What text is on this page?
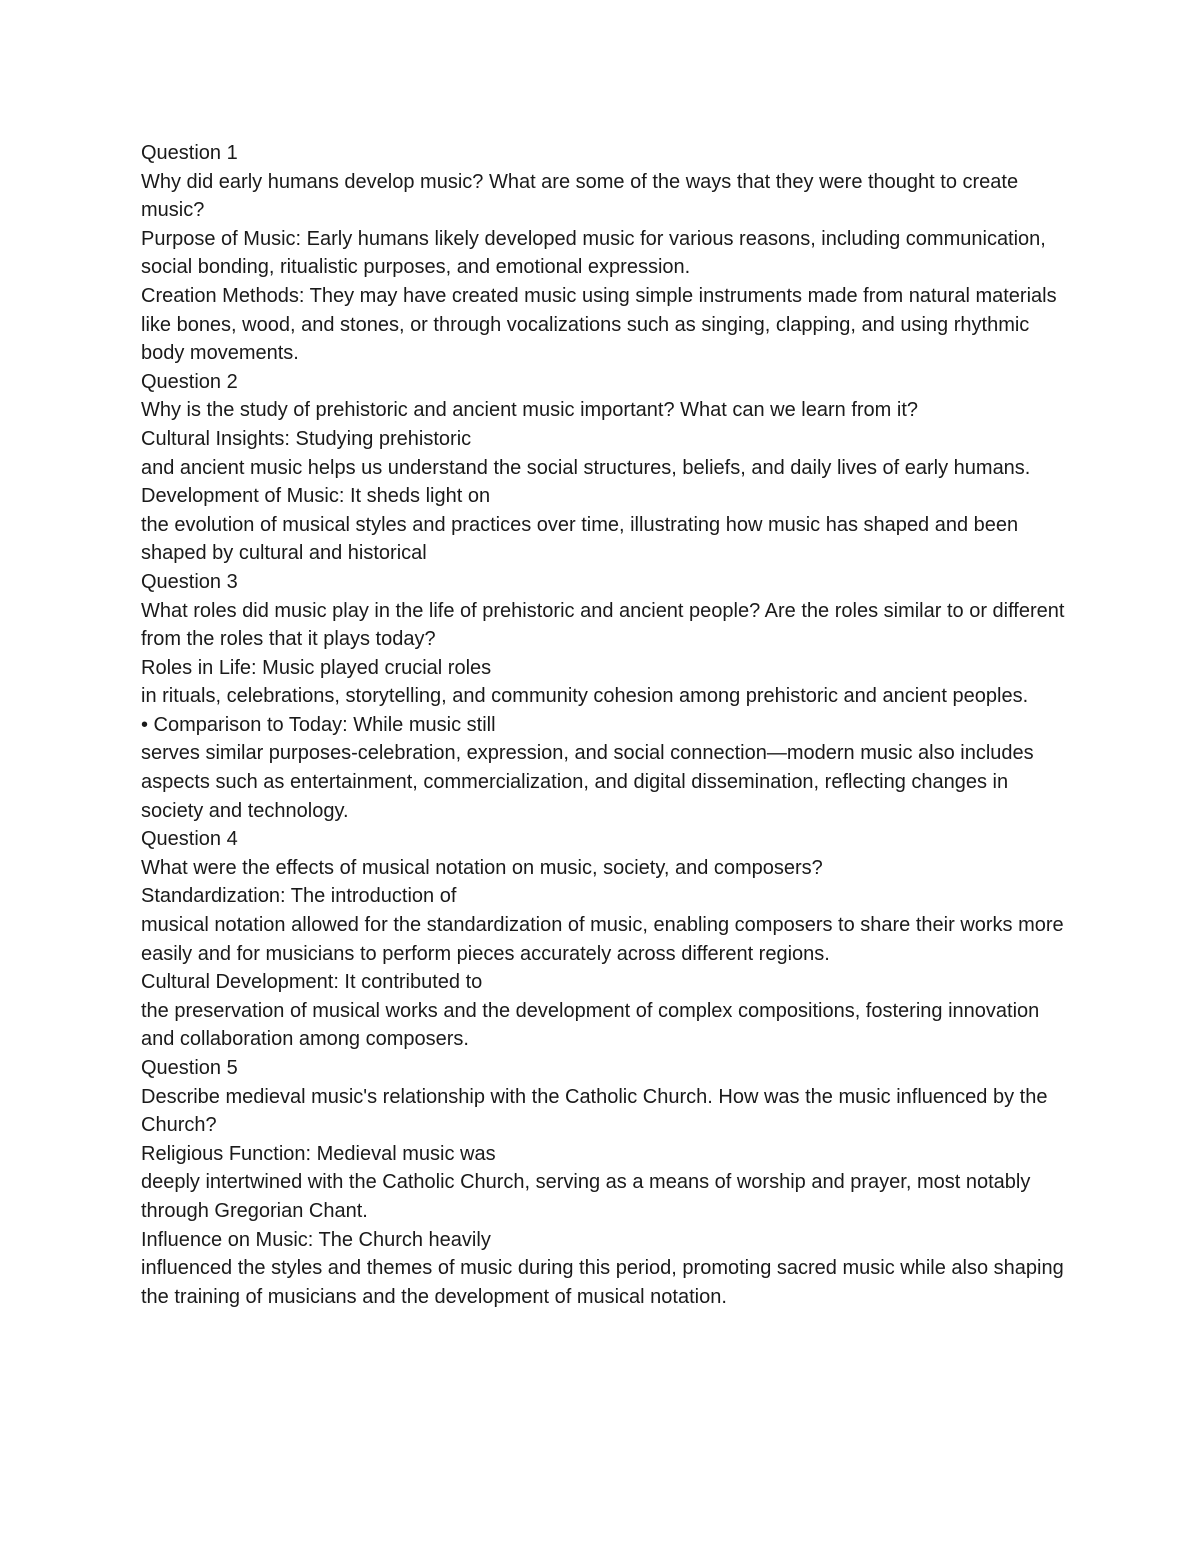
Question 1

Why did early humans develop music? What are some of the ways that they were thought to create music?

Purpose of Music: Early humans likely developed music for various reasons, including communication, social bonding, ritualistic purposes, and emotional expression.

Creation Methods: They may have created music using simple instruments made from natural materials like bones, wood, and stones, or through vocalizations such as singing, clapping, and using rhythmic body movements.

Question 2

Why is the study of prehistoric and ancient music important? What can we learn from it?

Cultural Insights: Studying prehistoric

and ancient music helps us understand the social structures, beliefs, and daily lives of early humans.

Development of Music: It sheds light on

the evolution of musical styles and practices over time, illustrating how music has shaped and been shaped by cultural and historical

Question 3

What roles did music play in the life of prehistoric and ancient people? Are the roles similar to or different from the roles that it plays today?

Roles in Life: Music played crucial roles

in rituals, celebrations, storytelling, and community cohesion among prehistoric and ancient peoples.

• Comparison to Today: While music still

serves similar purposes-celebration, expression, and social connection—modern music also includes aspects such as entertainment, commercialization, and digital dissemination, reflecting changes in society and technology.

Question 4

What were the effects of musical notation on music, society, and composers?

Standardization: The introduction of

musical notation allowed for the standardization of music, enabling composers to share their works more easily and for musicians to perform pieces accurately across different regions.

Cultural Development: It contributed to

the preservation of musical works and the development of complex compositions, fostering innovation and collaboration among composers.

Question 5

Describe medieval music's relationship with the Catholic Church. How was the music influenced by the Church?

Religious Function: Medieval music was

deeply intertwined with the Catholic Church, serving as a means of worship and prayer, most notably through Gregorian Chant.

Influence on Music: The Church heavily

influenced the styles and themes of music during this period, promoting sacred music while also shaping the training of musicians and the development of musical notation.
